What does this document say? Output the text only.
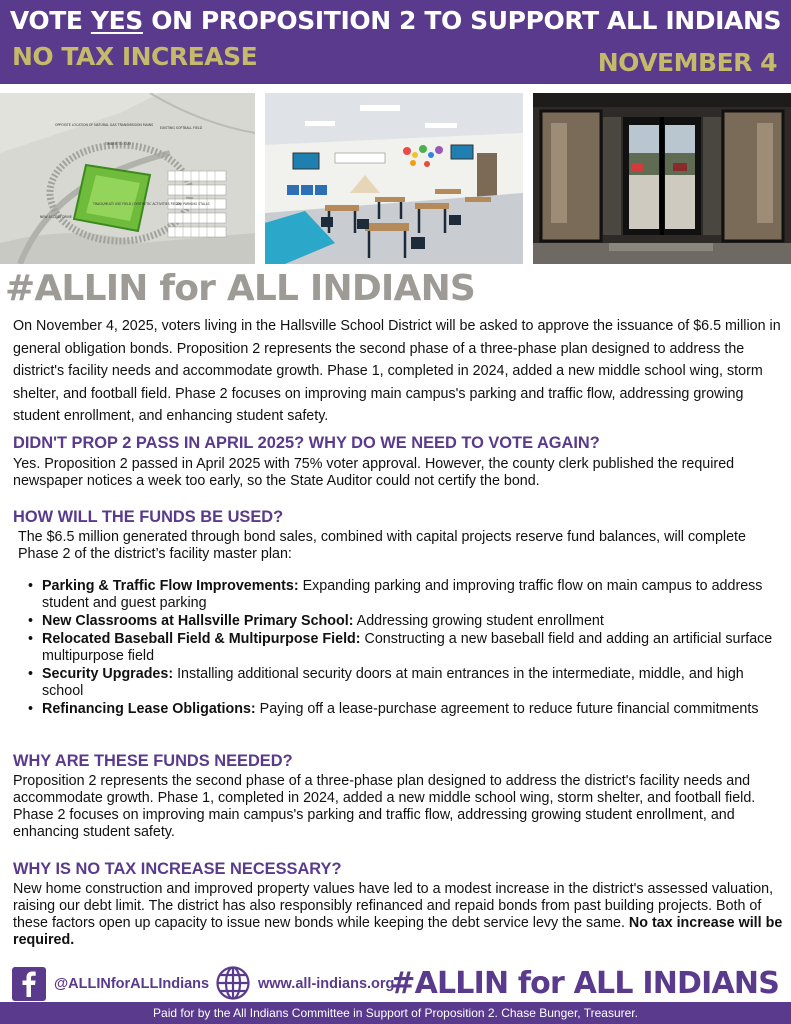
VOTE YES ON PROPOSITION 2 TO SUPPORT ALL INDIANS
NO TAX INCREASE	NOVEMBER 4
OPPOSITE LOCATION OF NATURAL GAS TRANSMISSION MAINS
EXISTING SOFTBALL FIELD
TIMBER TO STAY
NEW ACCESS DRIVE
200 PARKING STALLS
TRACK/MULTI USE FIELD (SYNTHETIC ACTIVITIES FIELD)
#ALLIN for ALL INDIANS

On November 4, 2025, voters living in the Hallsville School District will be asked to approve the issuance of $6.5 million in general obligation bonds. Proposition 2 represents the second phase of a three-phase plan designed to address the district's facility needs and accommodate growth. Phase 1, completed in 2024, added a new middle school wing, storm shelter, and football field. Phase 2 focuses on improving main campus's parking and traffic flow, addressing growing student enrollment, and enhancing student safety.

DIDN'T PROP 2 PASS IN APRIL 2025? WHY DO WE NEED TO VOTE AGAIN?

Yes. Proposition 2 passed in April 2025 with 75% voter approval. However, the county clerk published the required newspaper notices a week too early, so the State Auditor could not certify the bond.

HOW WILL THE FUNDS BE USED?

The $6.5 million generated through bond sales, combined with capital projects reserve fund balances, will complete Phase 2 of the district’s facility master plan:

• Parking & Traffic Flow Improvements: Expanding parking and improving traffic flow on main campus to address student and guest parking
• New Classrooms at Hallsville Primary School: Addressing growing student enrollment
• Relocated Baseball Field & Multipurpose Field: Constructing a new baseball field and adding an artificial surface multipurpose field
• Security Upgrades: Installing additional security doors at main entrances in the intermediate, middle, and high school
• Refinancing Lease Obligations: Paying off a lease-purchase agreement to reduce future financial commitments
WHY ARE THESE FUNDS NEEDED?

Proposition 2 represents the second phase of a three-phase plan designed to address the district's facility needs and accommodate growth. Phase 1, completed in 2024, added a new middle school wing, storm shelter, and football field. Phase 2 focuses on improving main campus's parking and traffic flow, addressing growing student enrollment, and enhancing student safety.

WHY IS NO TAX INCREASE NECESSARY?

New home construction and improved property values have led to a modest increase in the district's assessed valuation, raising our debt limit. The district has also responsibly refinanced and repaid bonds from past building projects. Both of these factors open up capacity to issue new bonds while keeping the debt service levy the same. No tax increase will be required.

@ALLINforALLIndians	www.all-indians.org
#ALLIN for ALL INDIANS
Paid for by the All Indians Committee in Support of Proposition 2. Chase Bunger, Treasurer.
